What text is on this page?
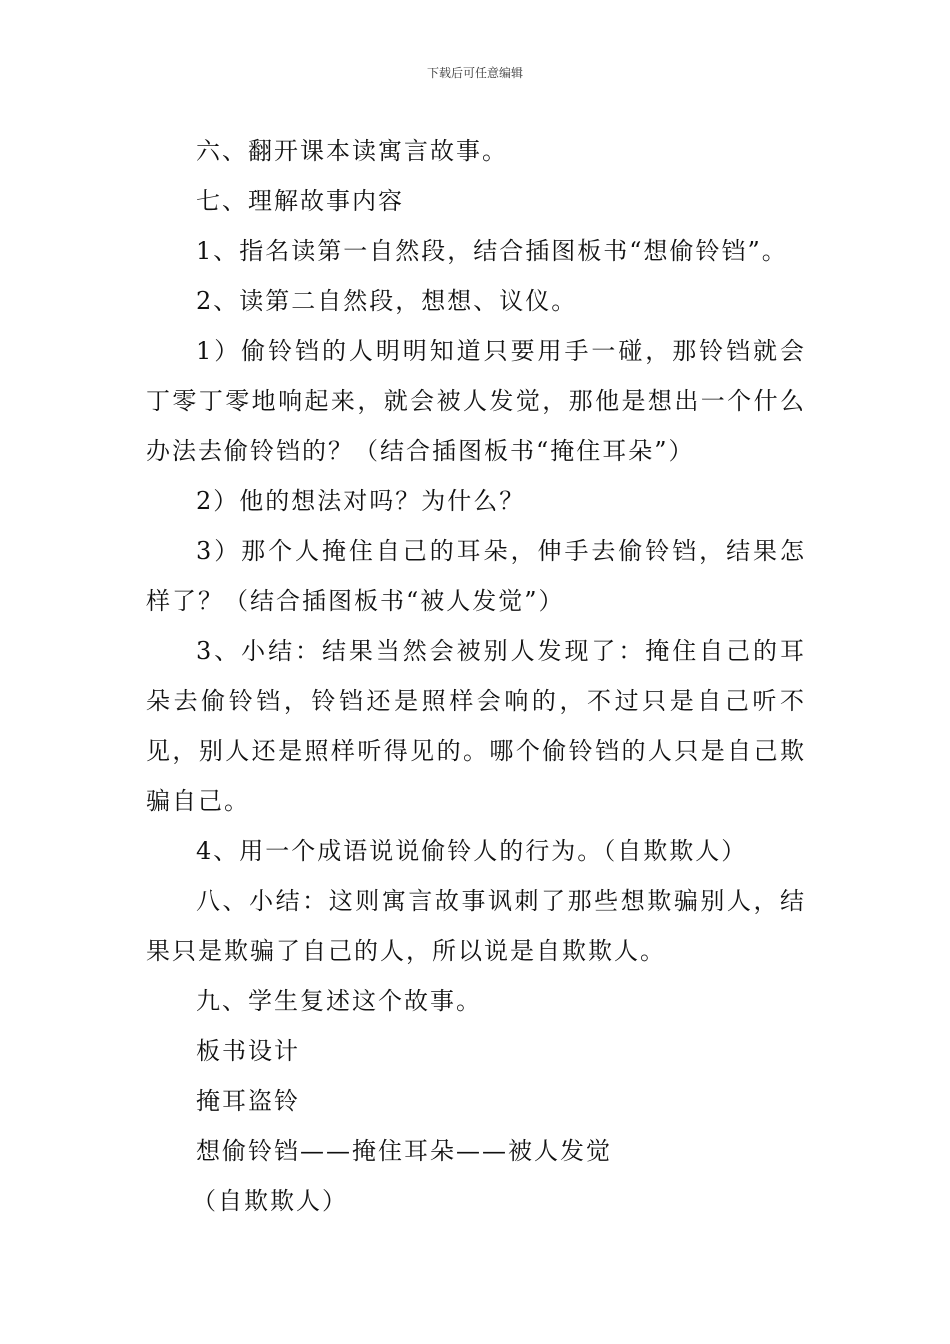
下载后可任意编辑

六、翻开课本读寓言故事。

七、理解故事内容

1、指名读第一自然段，结合插图板书“想偷铃铛”。

2、读第二自然段，想想、议仪。

1）偷铃铛的人明明知道只要用手一碰，那铃铛就会丁零丁零地响起来，就会被人发觉，那他是想出一个什么办法去偷铃铛的？（结合插图板书“掩住耳朵”）

2）他的想法对吗？为什么？

3）那个人掩住自己的耳朵，伸手去偷铃铛，结果怎样了？（结合插图板书“被人发觉”）

3、小结：结果当然会被别人发现了：掩住自己的耳朵去偷铃铛，铃铛还是照样会响的，不过只是自己听不见，别人还是照样听得见的。哪个偷铃铛的人只是自己欺骗自己。

4、用一个成语说说偷铃人的行为。（自欺欺人）

八、小结：这则寓言故事讽刺了那些想欺骗别人，结果只是欺骗了自己的人，所以说是自欺欺人。

九、学生复述这个故事。

板书设计

掩耳盗铃

想偷铃铛——掩住耳朵——被人发觉

（自欺欺人）
